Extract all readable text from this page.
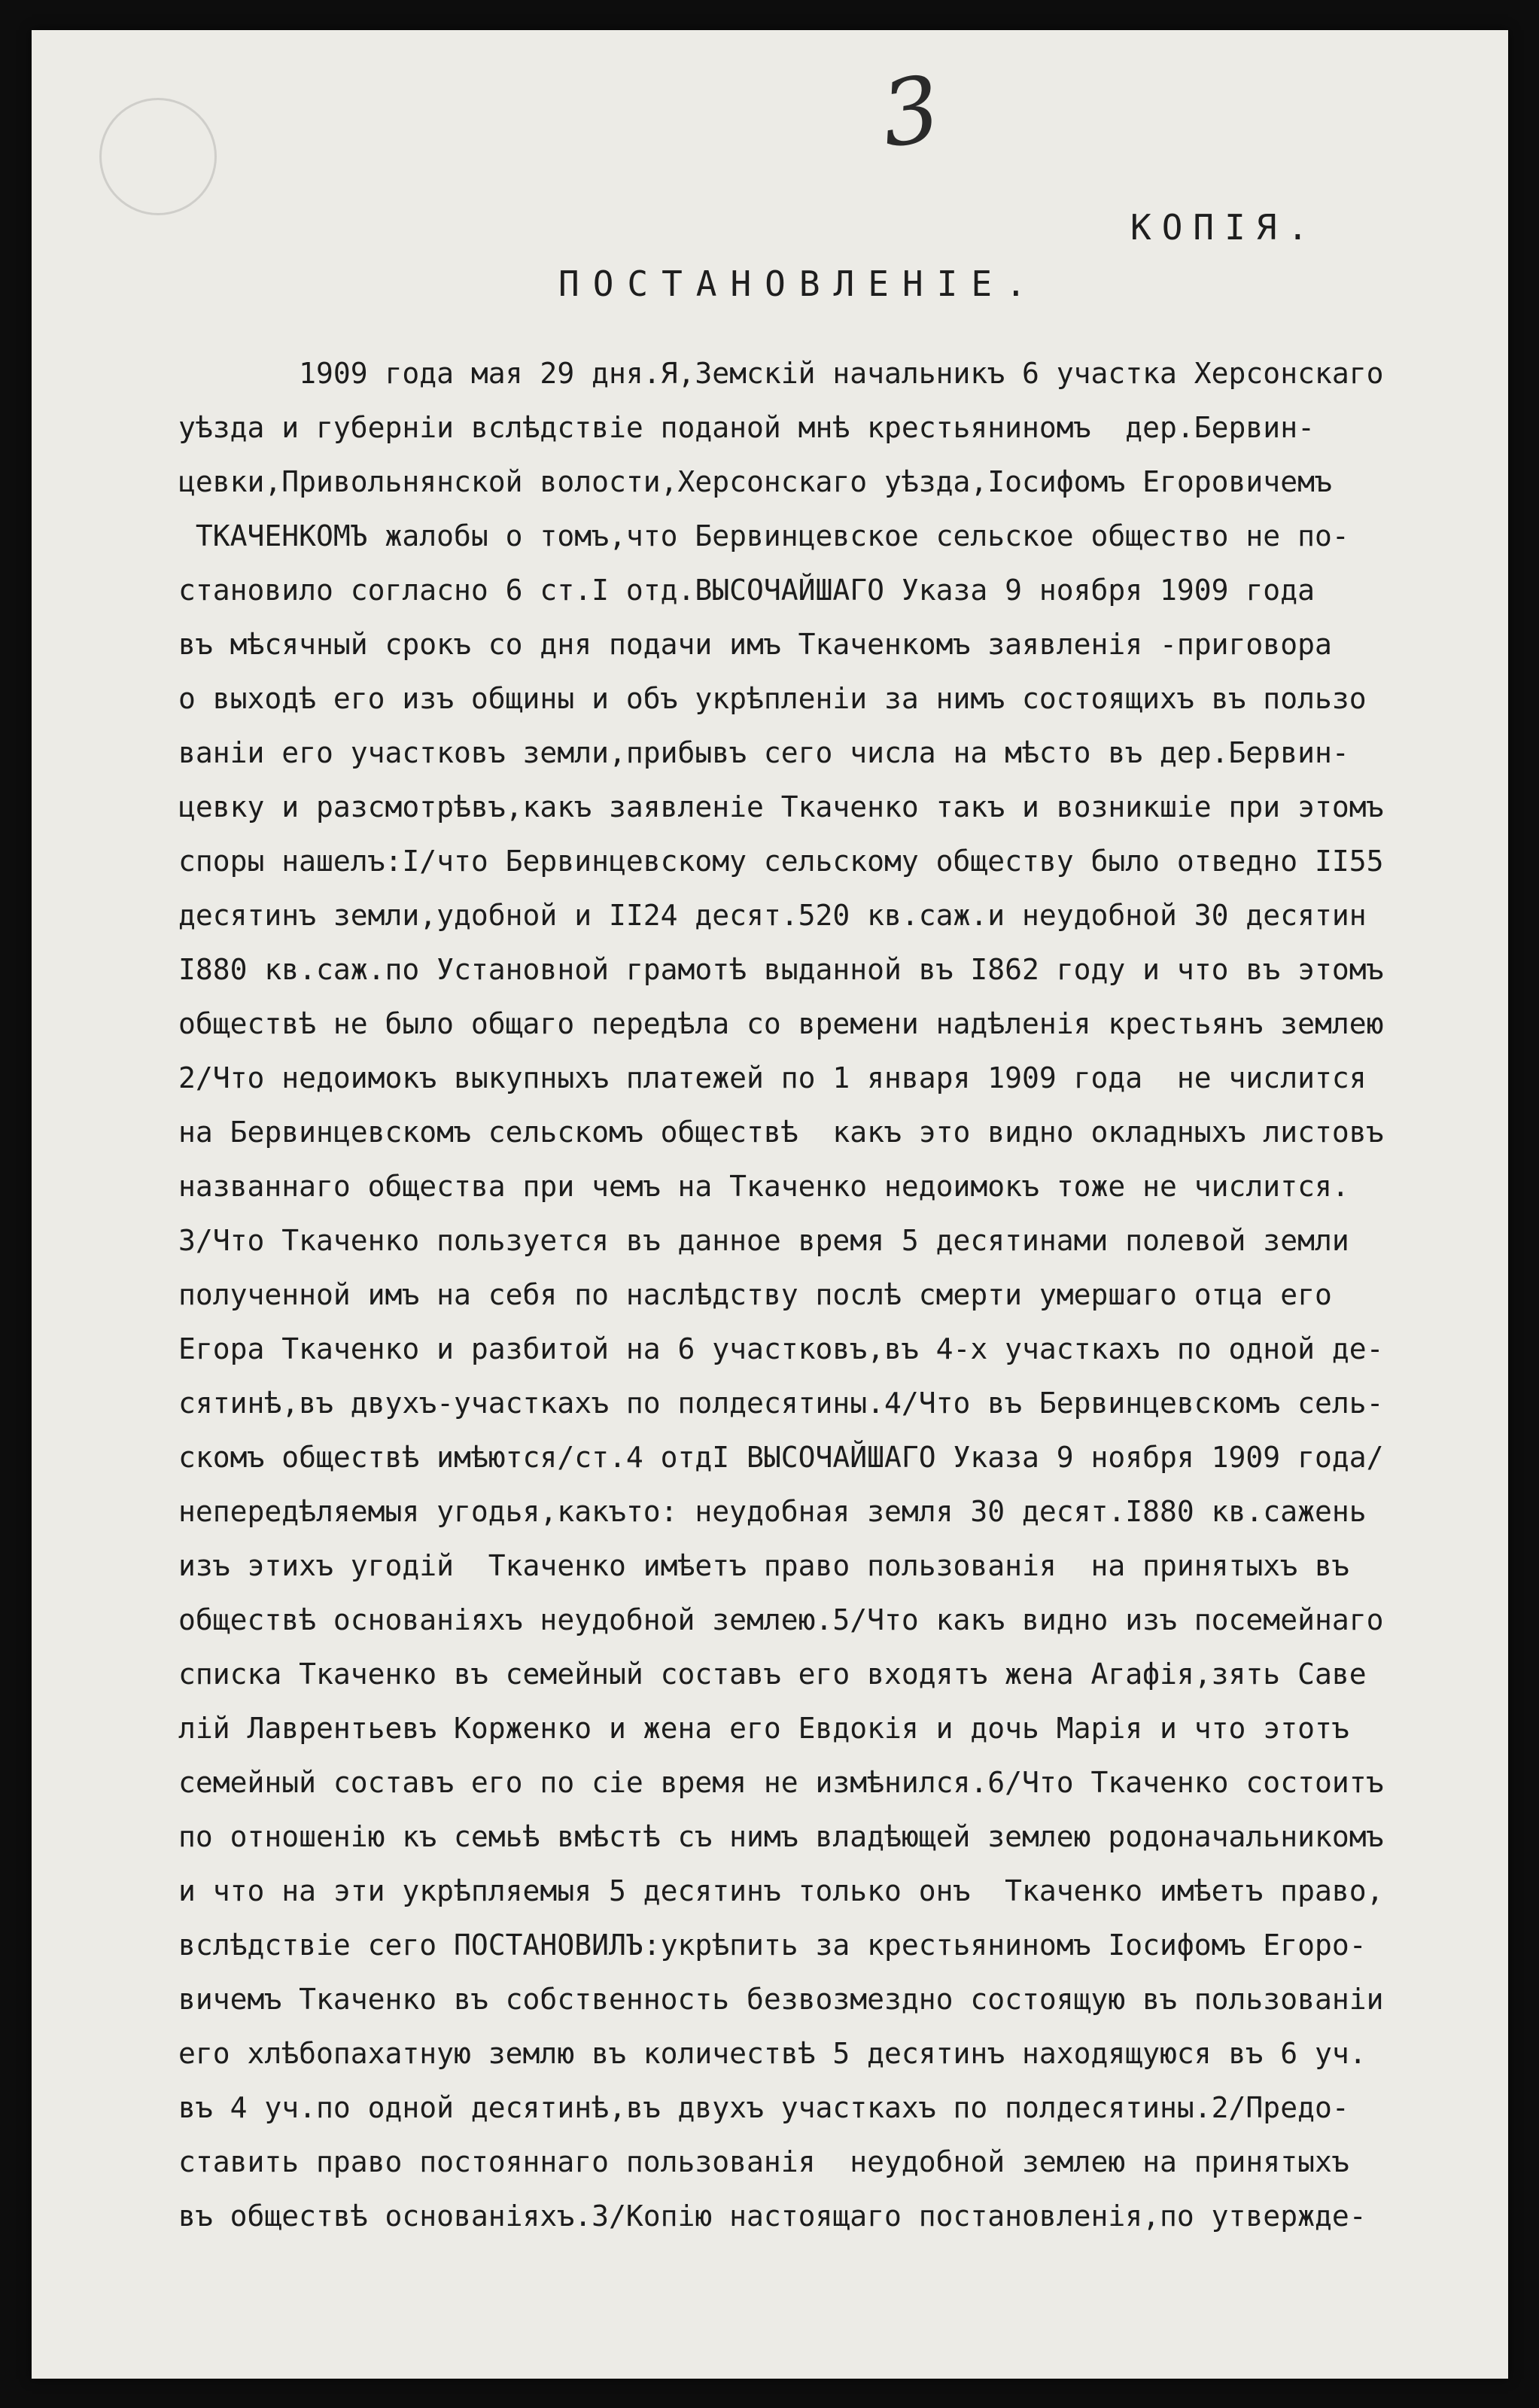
3
КОПІЯ.
ПОСТАНОВЛЕНІЕ.
1909 года мая 29 дня.Я,Земскій начальникъ 6 участка Херсонскаго
уѣзда и губерніи вслѣдствіе поданой мнѣ крестьяниномъ  дер.Бервин-
цевки,Привольнянской волости,Херсонскаго уѣзда,Іосифомъ Егоровичемъ
ТКАЧЕНКОМЪ жалобы о томъ,что Бервинцевское сельское общество не по-
становило согласно 6 ст.І отд.ВЫСОЧАЙШАГО Указа 9 ноября 1909 года
въ мѣсячный срокъ со дня подачи имъ Ткаченкомъ заявленія -приговора
о выходѣ его изъ общины и объ укрѣпленіи за нимъ состоящихъ въ пользо
ваніи его участковъ земли,прибывъ сего числа на мѣсто въ дер.Бервин-
цевку и разсмотрѣвъ,какъ заявленіе Ткаченко такъ и возникшіе при этомъ
споры нашелъ:І/что Бервинцевскому сельскому обществу было отведно ІІ55
десятинъ земли,удобной и ІІ24 десят.520 кв.саж.и неудобной 30 десятин
І880 кв.саж.по Установной грамотѣ выданной въ І862 году и что въ этомъ
обществѣ не было общаго передѣла со времени надѣленія крестьянъ землею
2/Что недоимокъ выкупныхъ платежей по 1 января 1909 года  не числится
на Бервинцевскомъ сельскомъ обществѣ  какъ это видно окладныхъ листовъ
названнаго общества при чемъ на Ткаченко недоимокъ тоже не числится.
3/Что Ткаченко пользуется въ данное время 5 десятинами полевой земли
полученной имъ на себя по наслѣдству послѣ смерти умершаго отца его
Егора Ткаченко и разбитой на 6 участковъ,въ 4-х участкахъ по одной де-
сятинѣ,въ двухъ-участкахъ по полдесятины.4/Что въ Бервинцевскомъ сель-
скомъ обществѣ имѣются/ст.4 отдІ ВЫСОЧАЙШАГО Указа 9 ноября 1909 года/
непередѣляемыя угодья,какъто: неудобная земля 30 десят.І880 кв.сажень
изъ этихъ угодій  Ткаченко имѣетъ право пользованія  на принятыхъ въ
обществѣ основаніяхъ неудобной землею.5/Что какъ видно изъ посемейнаго
списка Ткаченко въ семейный составъ его входятъ жена Агафія,зять Саве
лій Лаврентьевъ Корженко и жена его Евдокія и дочь Марія и что этотъ
семейный составъ его по сіе время не измѣнился.6/Что Ткаченко состоитъ
по отношенію къ семьѣ вмѣстѣ съ нимъ владѣющей землею родоначальникомъ
и что на эти укрѣпляемыя 5 десятинъ только онъ  Ткаченко имѣетъ право,
вслѣдствіе сего ПОСТАНОВИЛЪ:укрѣпить за крестьяниномъ Іосифомъ Егоро-
вичемъ Ткаченко въ собственность безвозмездно состоящую въ пользованіи
его хлѣбопахатную землю въ количествѣ 5 десятинъ находящуюся въ 6 уч.
въ 4 уч.по одной десятинѣ,въ двухъ участкахъ по полдесятины.2/Предо-
ставить право постояннаго пользованія  неудобной землею на принятыхъ
въ обществѣ основаніяхъ.3/Копію настоящаго постановленія,по утвержде-
